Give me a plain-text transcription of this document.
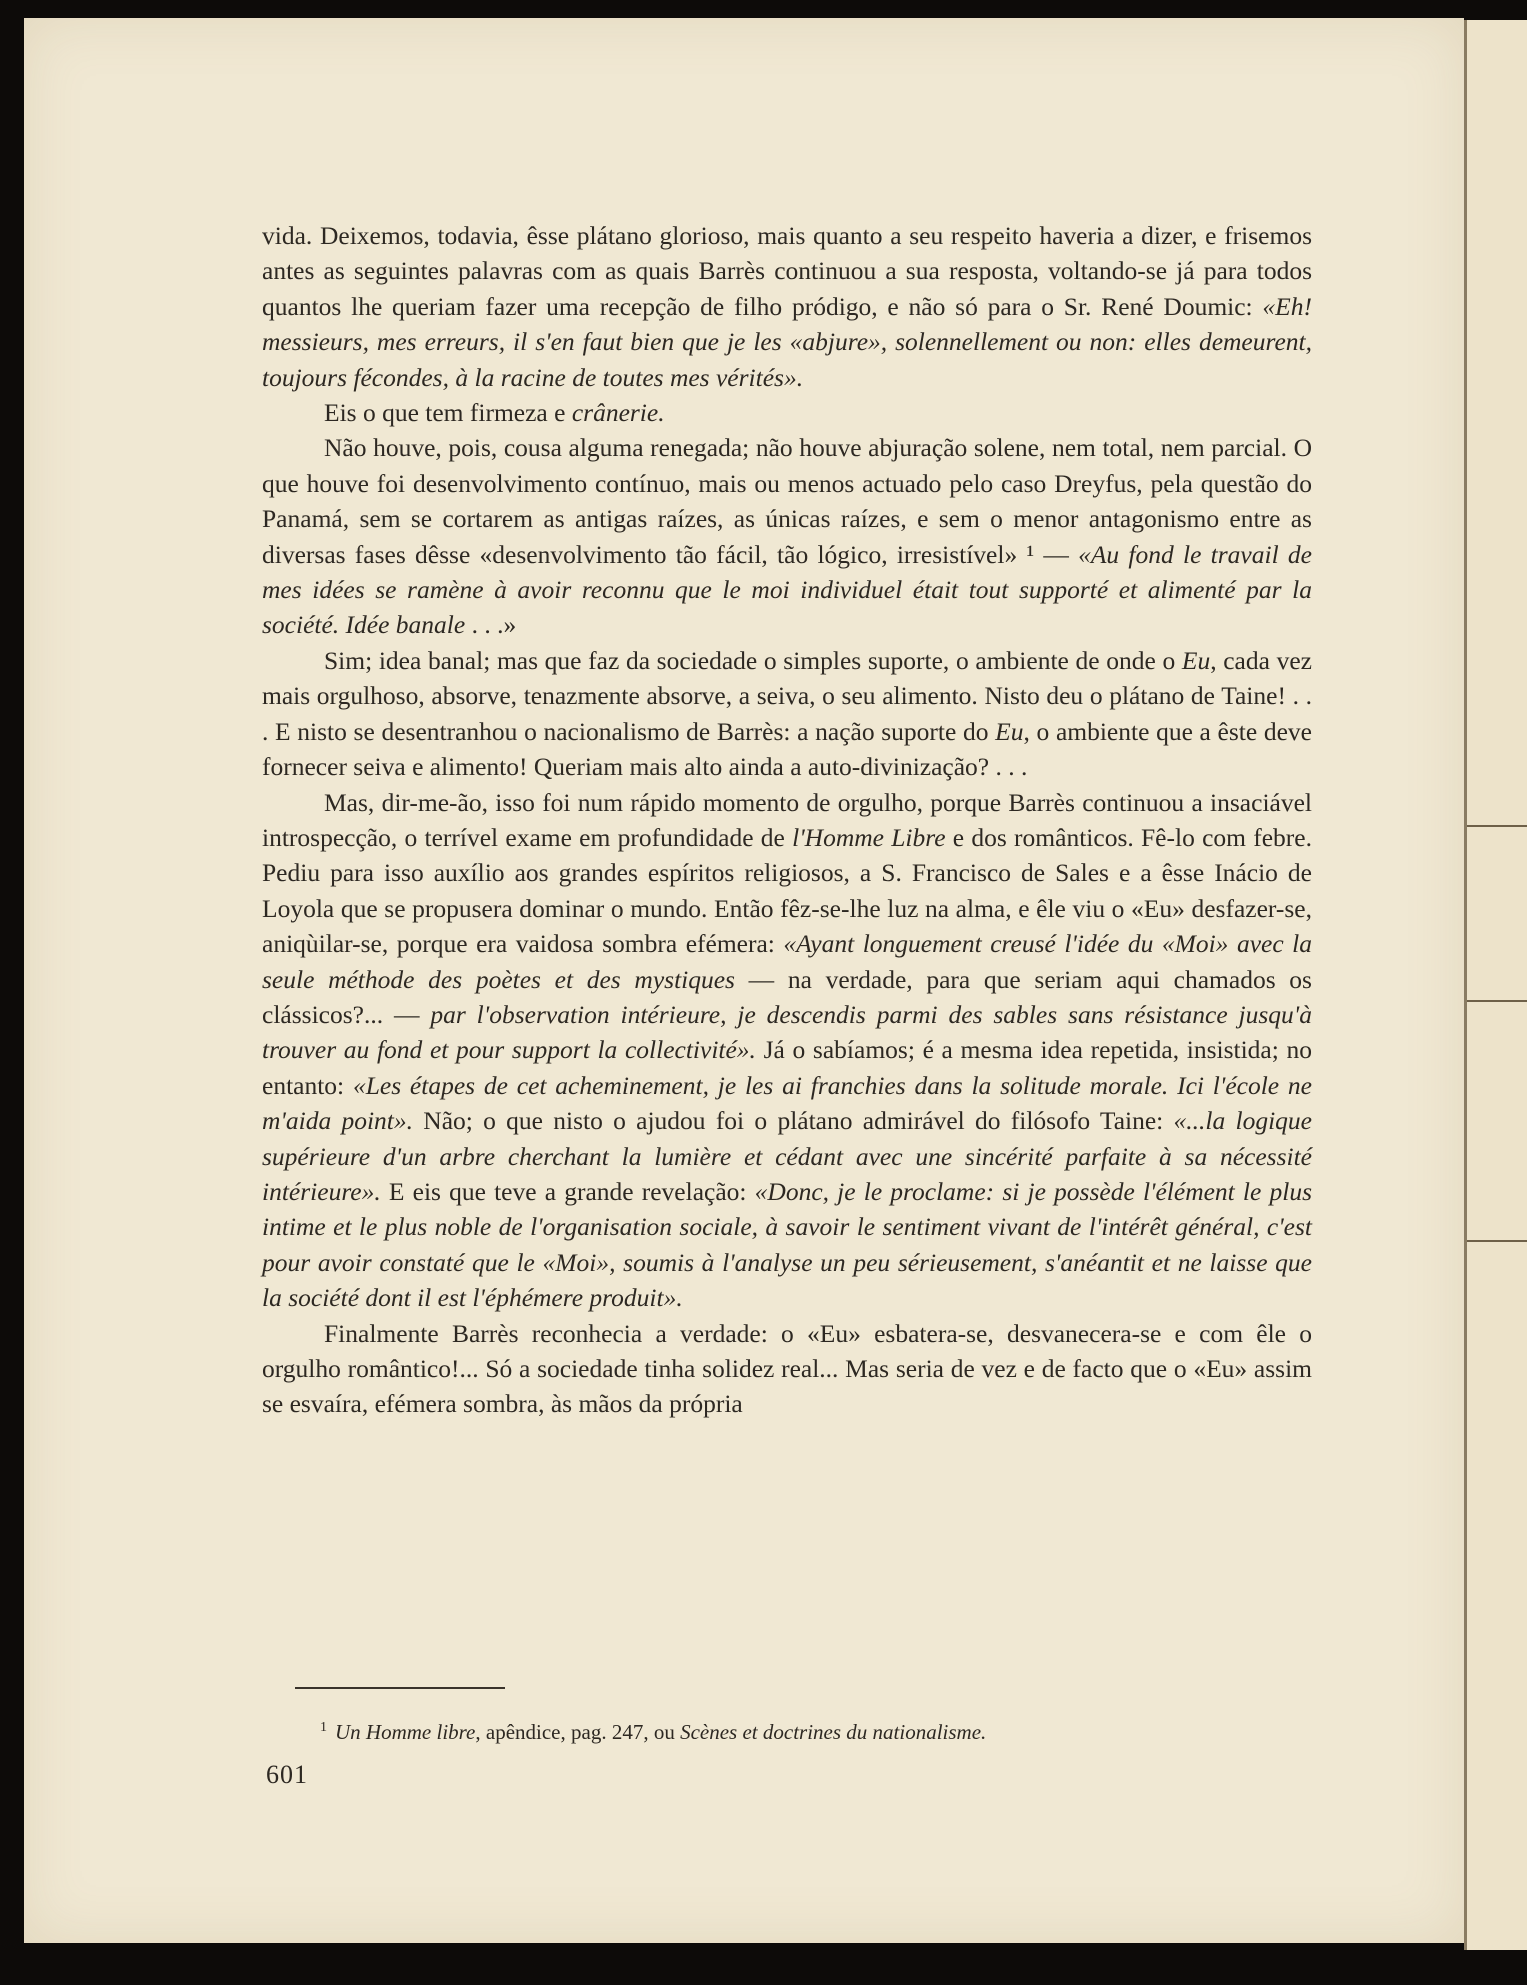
vida. Deixemos, todavia, êsse plátano glorioso, mais quanto a seu respeito haveria a dizer, e frisemos antes as seguintes palavras com as quais Barrès continuou a sua resposta, voltando-se já para todos quantos lhe queriam fazer uma recepção de filho pródigo, e não só para o Sr. René Doumic: «Eh! messieurs, mes erreurs, il s'en faut bien que je les «abjure», solennellement ou non: elles demeurent, toujours fécondes, à la racine de toutes mes vérités».

Eis o que tem firmeza e crânerie.

Não houve, pois, cousa alguma renegada; não houve abjuração solene, nem total, nem parcial. O que houve foi desenvolvimento contínuo, mais ou menos actuado pelo caso Dreyfus, pela questão do Panamá, sem se cortarem as antigas raízes, as únicas raízes, e sem o menor antagonismo entre as diversas fases dêsse «desenvolvimento tão fácil, tão lógico, irresistível» ¹ — «Au fond le travail de mes idées se ramène à avoir reconnu que le moi individuel était tout supporté et alimenté par la société. Idée banale . . .»

Sim; idea banal; mas que faz da sociedade o simples suporte, o ambiente de onde o Eu, cada vez mais orgulhoso, absorve, tenazmente absorve, a seiva, o seu alimento. Nisto deu o plátano de Taine! . . . E nisto se desentranhou o nacionalismo de Barrès: a nação suporte do Eu, o ambiente que a êste deve fornecer seiva e alimento! Queriam mais alto ainda a auto-divinização? . . .

Mas, dir-me-ão, isso foi num rápido momento de orgulho, porque Barrès continuou a insaciável introspecção, o terrível exame em profundidade de l'Homme Libre e dos românticos. Fê-lo com febre. Pediu para isso auxílio aos grandes espíritos religiosos, a S. Francisco de Sales e a êsse Inácio de Loyola que se propusera dominar o mundo. Então fêz-se-lhe luz na alma, e êle viu o «Eu» desfazer-se, aniqùilar-se, porque era vaidosa sombra efémera: «Ayant longuement creusé l'idée du «Moi» avec la seule méthode des poètes et des mystiques — na verdade, para que seriam aqui chamados os clássicos?... — par l'observation intérieure, je descendis parmi des sables sans résistance jusqu'à trouver au fond et pour support la collectivité». Já o sabíamos; é a mesma idea repetida, insistida; no entanto: «Les étapes de cet acheminement, je les ai franchies dans la solitude morale. Ici l'école ne m'aida point». Não; o que nisto o ajudou foi o plátano admirável do filósofo Taine: «...la logique supérieure d'un arbre cherchant la lumière et cédant avec une sincérité parfaite à sa nécessité intérieure». E eis que teve a grande revelação: «Donc, je le proclame: si je possède l'élément le plus intime et le plus noble de l'organisation sociale, à savoir le sentiment vivant de l'intérêt général, c'est pour avoir constaté que le «Moi», soumis à l'analyse un peu sérieusement, s'anéantit et ne laisse que la société dont il est l'éphémere produit».

Finalmente Barrès reconhecia a verdade: o «Eu» esbatera-se, desvanecera-se e com êle o orgulho romântico!... Só a sociedade tinha solidez real... Mas seria de vez e de facto que o «Eu» assim se esvaíra, efémera sombra, às mãos da própria

$^1$ Un Homme libre, apêndice, pag. 247, ou Scènes et doctrines du nationalisme.
601
